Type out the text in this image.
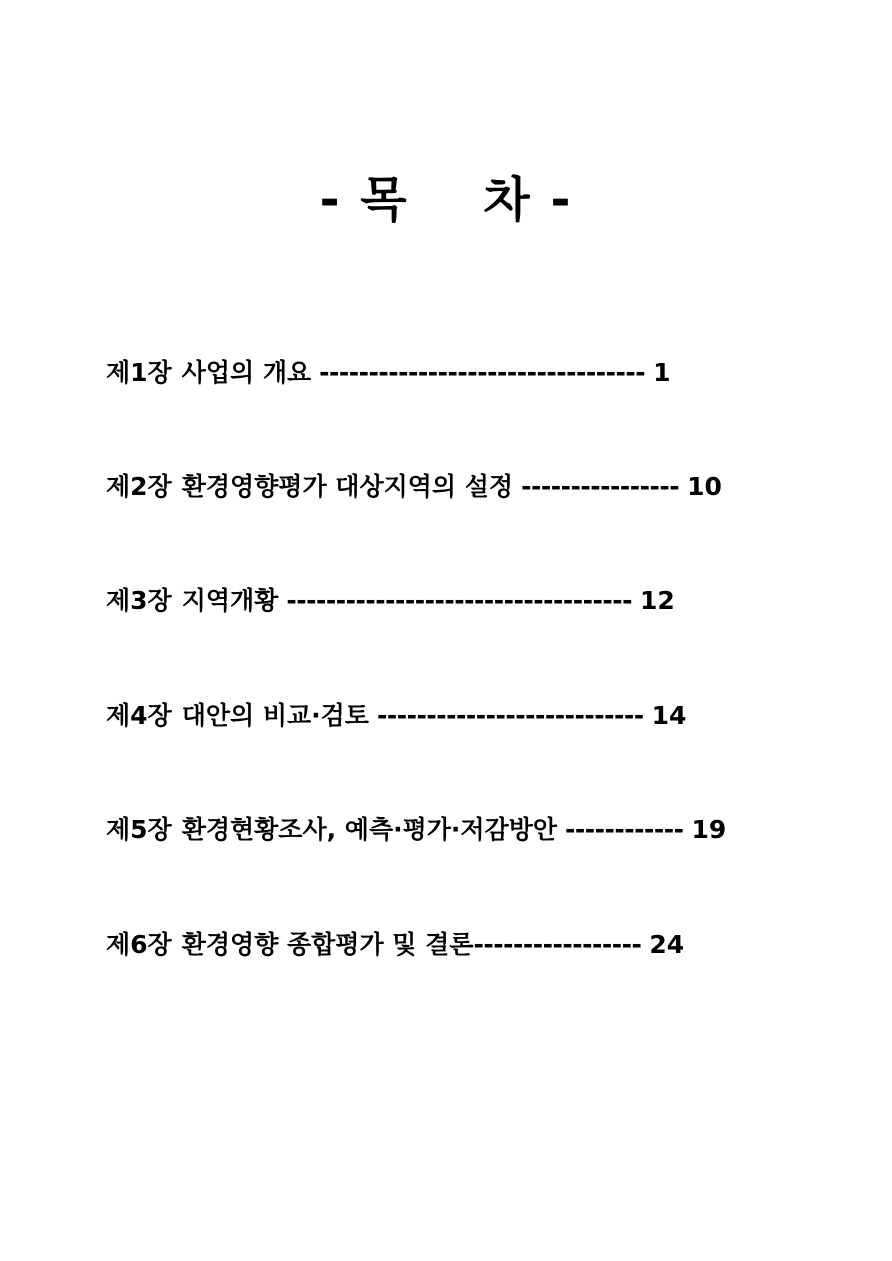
- 목    차 -
제1장 사업의 개요 --------------------------------- 1
제2장 환경영향평가 대상지역의 설정 ---------------- 10
제3장 지역개황 ----------------------------------- 12
제4장 대안의 비교·검토 --------------------------- 14
제5장 환경현황조사, 예측·평가·저감방안 ------------ 19
제6장 환경영향 종합평가 및 결론----------------- 24
